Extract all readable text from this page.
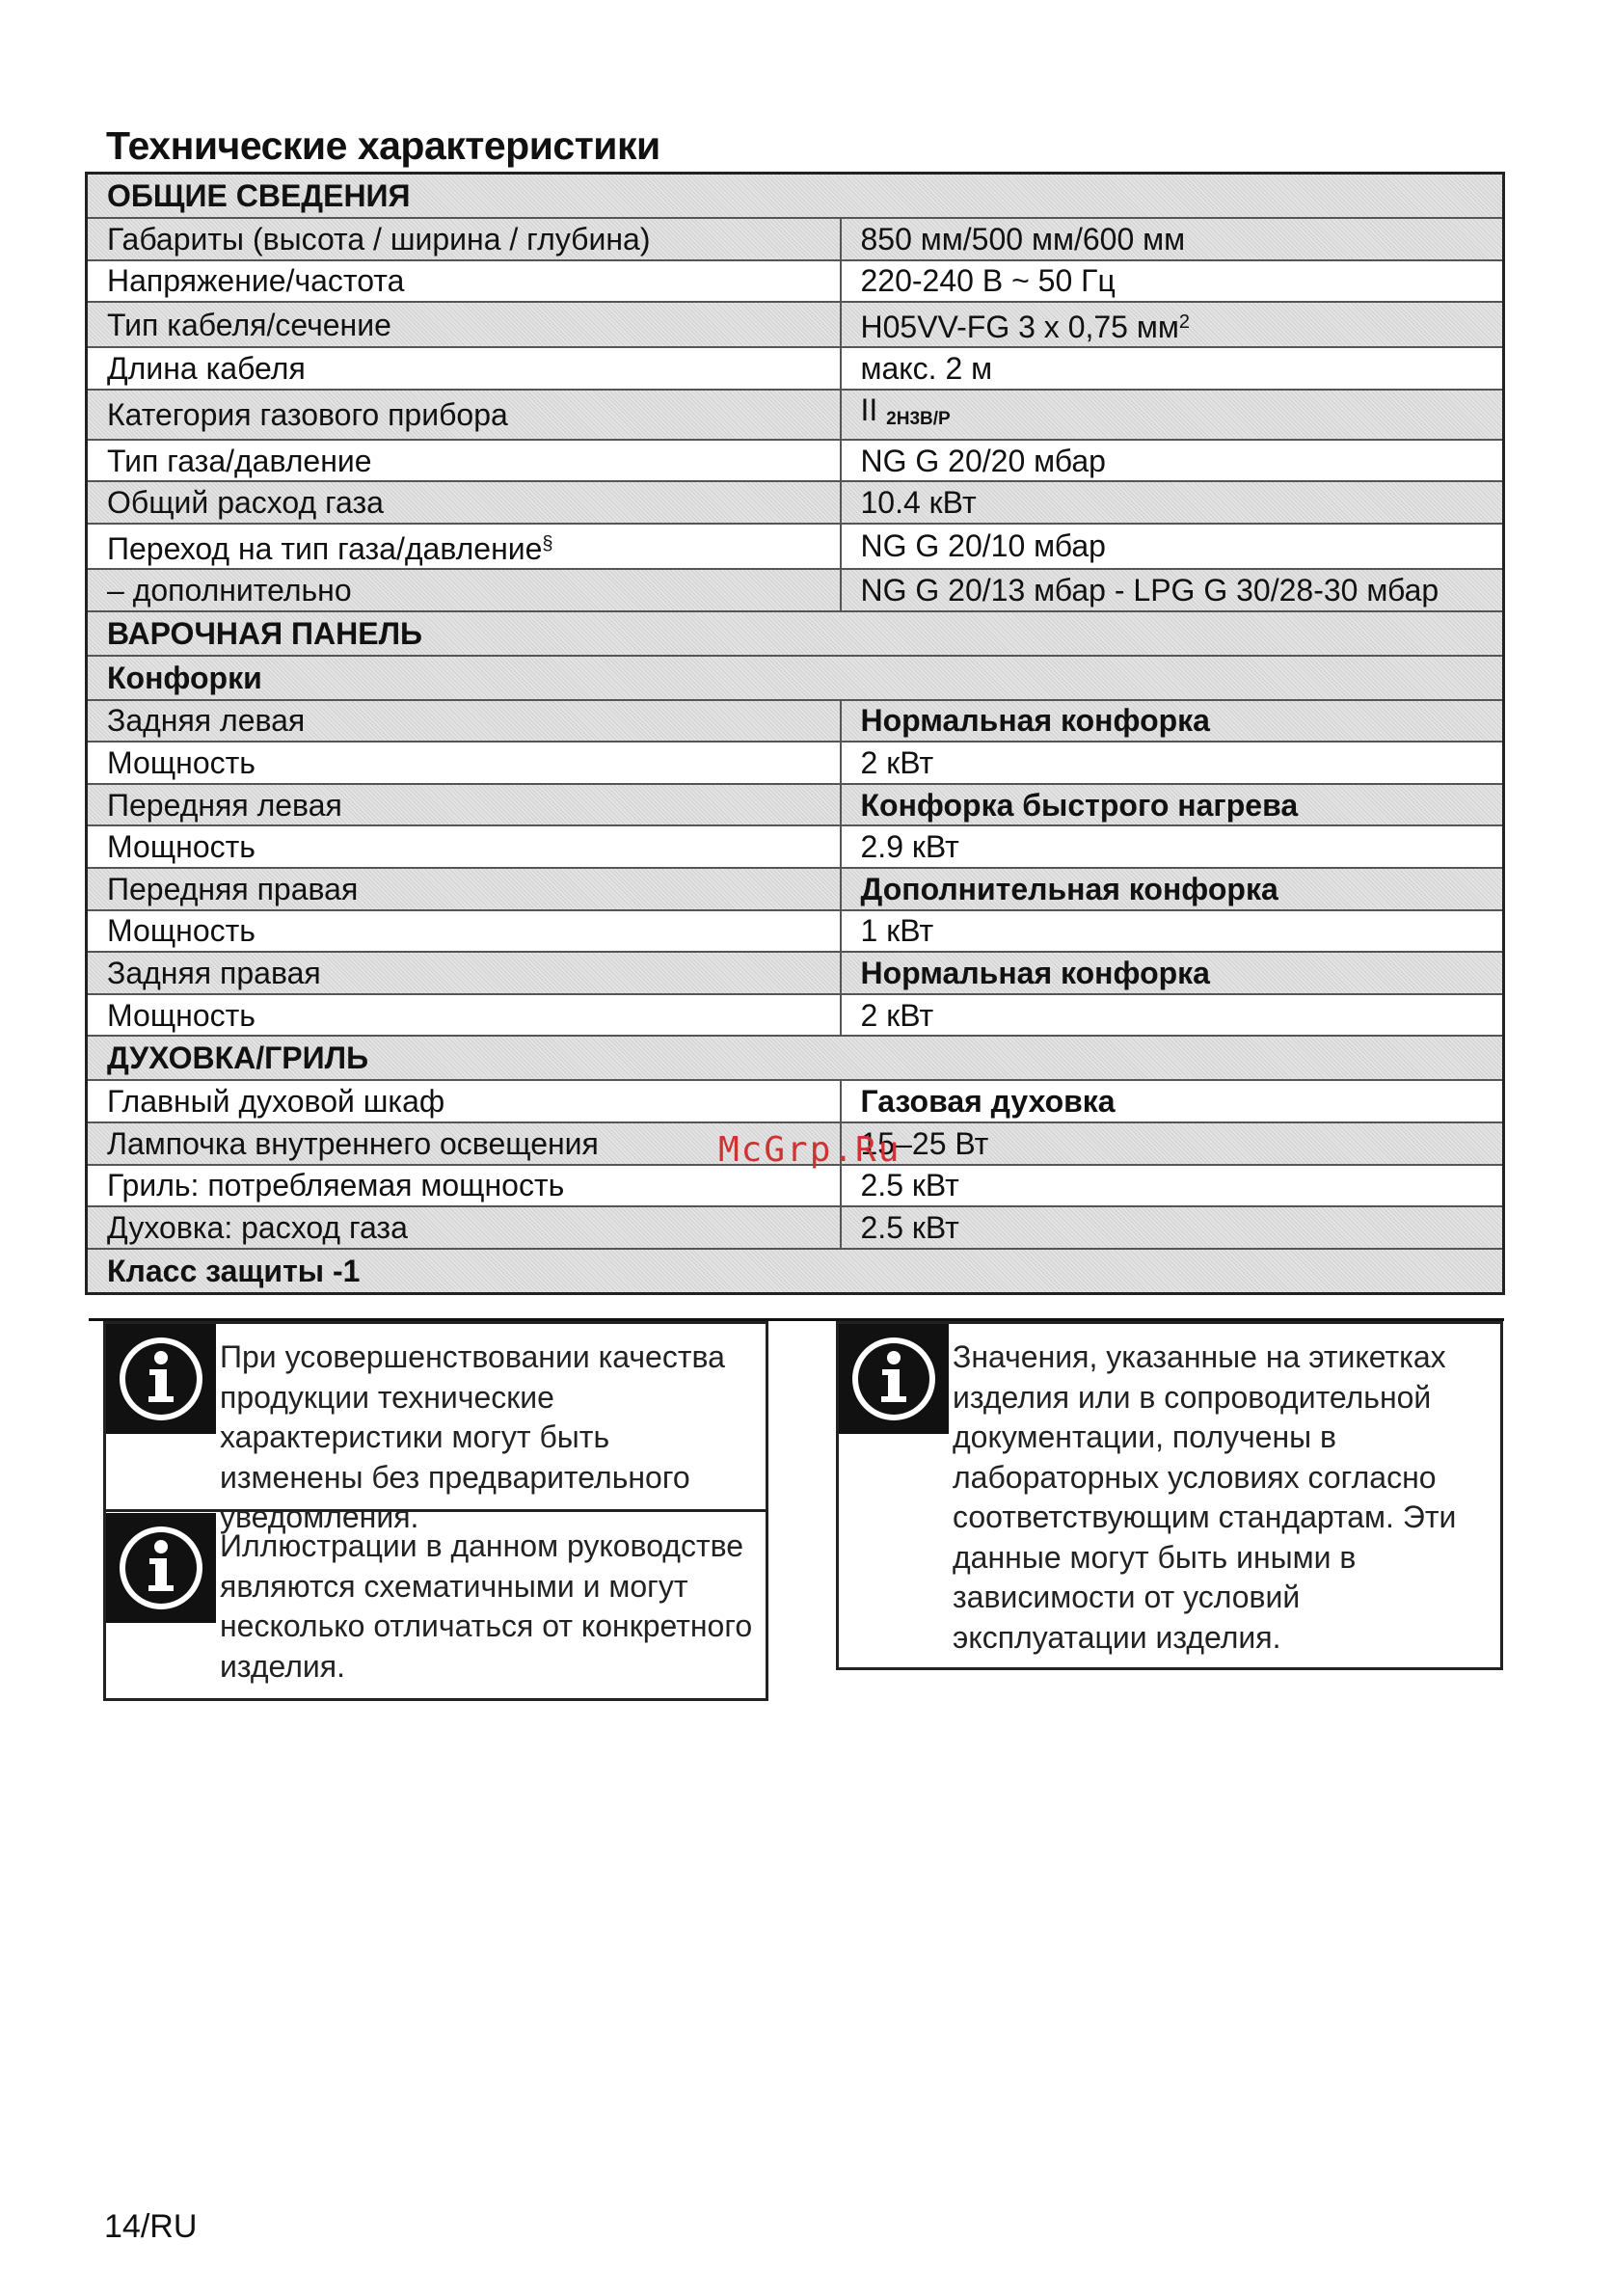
Технические характеристики
ОБЩИЕ СВЕДЕНИЯ	
Габариты (высота / ширина / глубина)	850 мм/500 мм/600 мм
Напряжение/частота	220-240 В ~ 50 Гц
Тип кабеля/сечение	H05VV-FG 3 x 0,75 $мм^2$
Длина кабеля	макс. 2 м
Категория газового прибора	II $_{2H3B/P}$
Тип газа/давление	NG G 20/20 мбар
Общий расход газа	10.4 кВт
Переход на тип газа/давление§	NG G 20/10 мбар
– дополнительно	NG G 20/13 мбар - LPG G 30/28-30 мбар
ВАРОЧНАЯ ПАНЕЛЬ	
Конфорки	
Задняя левая	Нормальная конфорка
Мощность	2 кВт
Передняя левая	Конфорка быстрого нагрева
Мощность	2.9 кВт
Передняя правая	Дополнительная конфорка
Мощность	1 кВт
Задняя правая	Нормальная конфорка
Мощность	2 кВт
ДУХОВКА/ГРИЛЬ	
Главный духовой шкаф	Газовая духовка
Лампочка внутреннего освещения	15–25 Вт
Гриль: потребляемая мощность	2.5 кВт
Духовка: расход газа	2.5 кВт
Класс защиты -1	
McGrp.Ru
При усовершенствовании качества продукции технические характеристики могут быть изменены без предварительного уведомления.
Иллюстрации в данном руководстве являются схематичными и могут несколько отличаться от конкретного изделия.
Значения, указанные на этикетках изделия или в сопроводительной документации, получены в лабораторных условиях согласно соответствующим стандартам. Эти данные могут быть иными в зависимости от условий эксплуатации изделия.
14/RU
